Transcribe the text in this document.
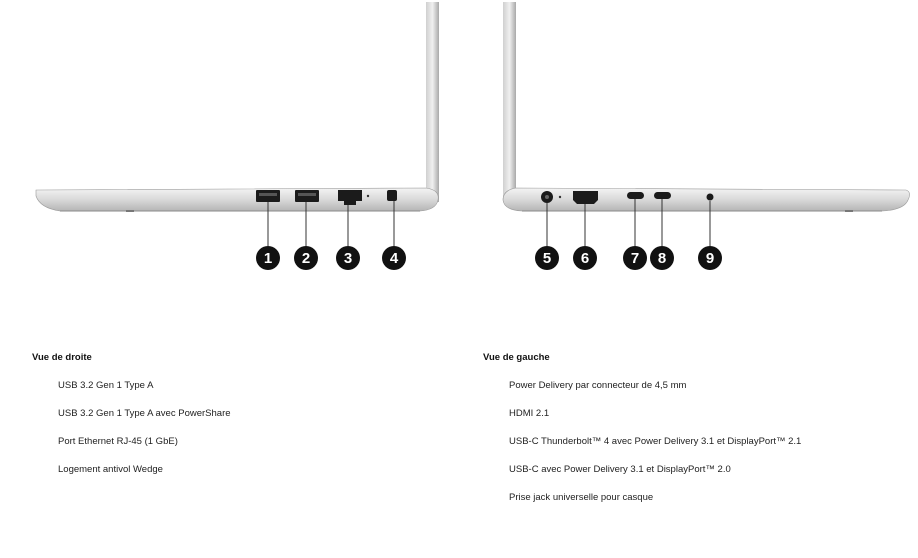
1	2	3	4	5	6	7	8	9
Vue de droite
USB 3.2 Gen 1 Type A
USB 3.2 Gen 1 Type A avec PowerShare
Port Ethernet RJ-45 (1 GbE)
Logement antivol Wedge
Vue de gauche
Power Delivery par connecteur de 4,5 mm
HDMI 2.1
USB-C Thunderbolt™ 4 avec Power Delivery 3.1 et DisplayPort™ 2.1
USB-C avec Power Delivery 3.1 et DisplayPort™ 2.0
Prise jack universelle pour casque
